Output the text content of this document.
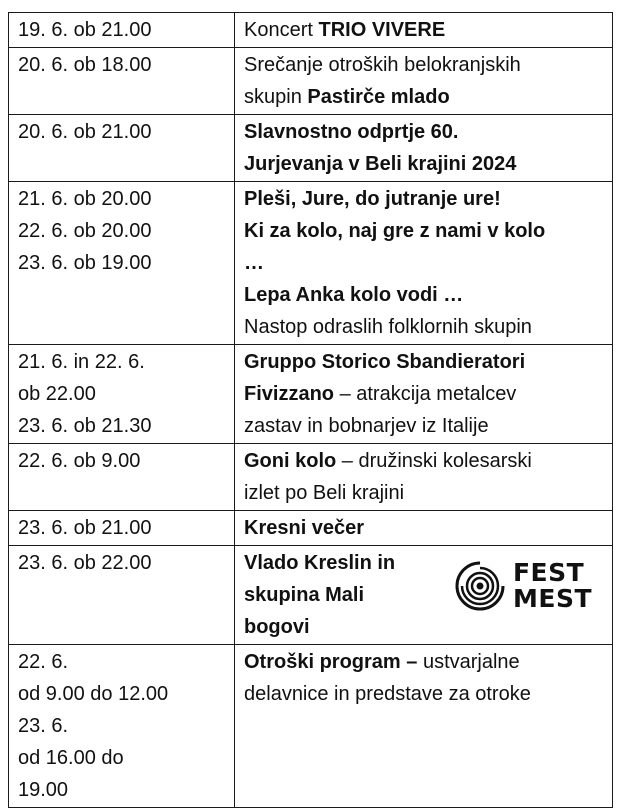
19. 6. ob 21.00	Koncert TRIO VIVERE

20. 6. ob 18.00	Srečanje otroških belokranjskih
skupin Pastirče mlado

20. 6. ob 21.00	Slavnostno odprtje 60.
Jurjevanja v Beli krajini 2024

21. 6. ob 20.00
22. 6. ob 20.00
23. 6. ob 19.00	Pleši, Jure, do jutranje ure!
Ki za kolo, naj gre z nami v kolo
…
Lepa Anka kolo vodi …
Nastop odraslih folklornih skupin

21. 6. in 22. 6.
ob 22.00
23. 6. ob 21.30	Gruppo Storico Sbandieratori
Fivizzano – atrakcija metalcev
zastav in bobnarjev iz Italije

22. 6. ob 9.00	Goni kolo – družinski kolesarski
izlet po Beli krajini

23. 6. ob 21.00	Kresni večer

23. 6. ob 22.00	Vlado Kreslin in
skupina Mali
bogovi
FEST
MEST

22. 6.
od 9.00 do 12.00
23. 6.
od 16.00 do
19.00	Otroški program – ustvarjalne
delavnice in predstave za otroke
